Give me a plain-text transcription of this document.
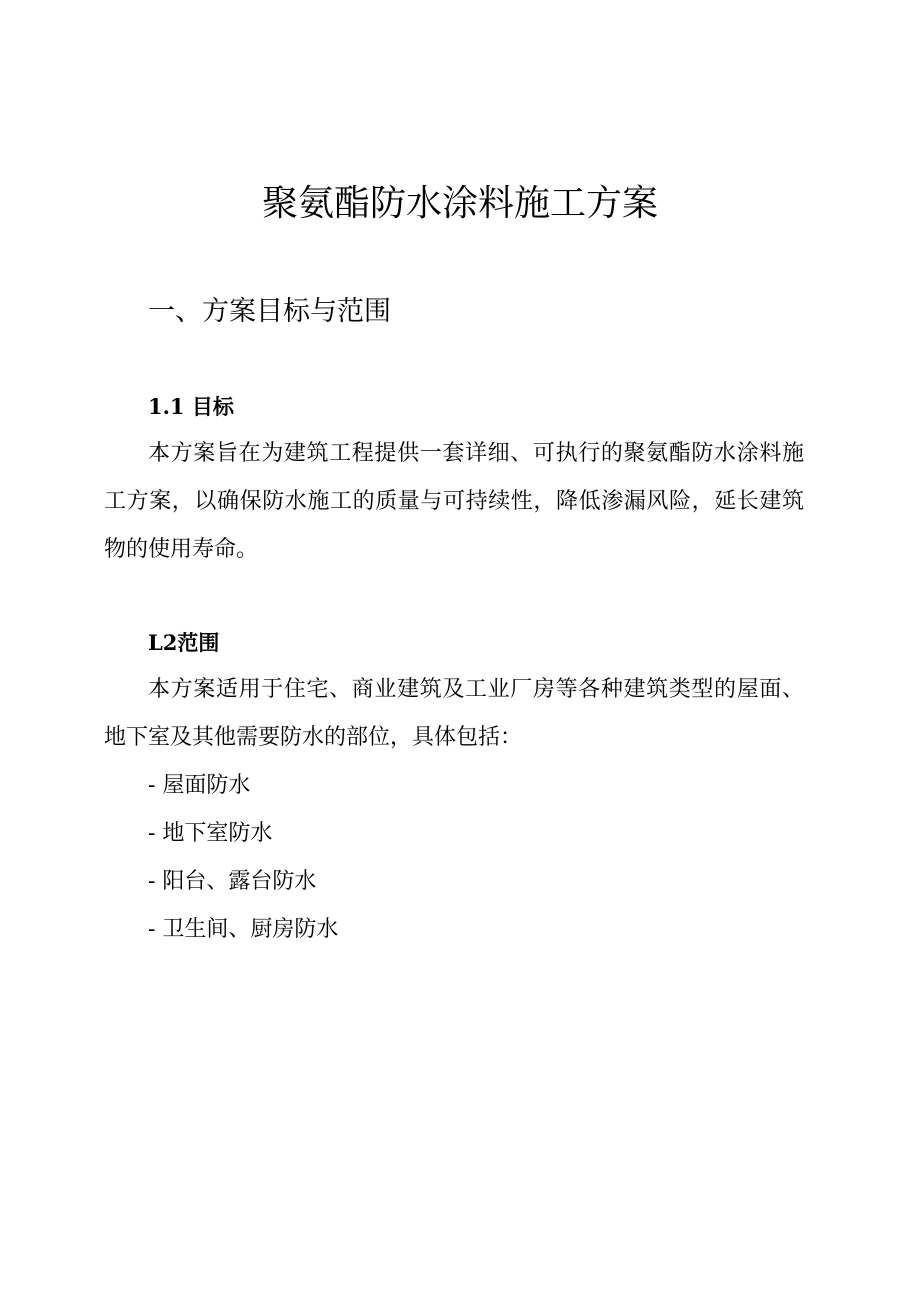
聚氨酯防水涂料施工方案
一、方案目标与范围
1.1 目标

本方案旨在为建筑工程提供一套详细、可执行的聚氨酯防水涂料施工方案，以确保防水施工的质量与可持续性，降低渗漏风险，延长建筑物的使用寿命。

L2范围

本方案适用于住宅、商业建筑及工业厂房等各种建筑类型的屋面、地下室及其他需要防水的部位，具体包括：

- 屋面防水
- 地下室防水
- 阳台、露台防水
- 卫生间、厨房防水
